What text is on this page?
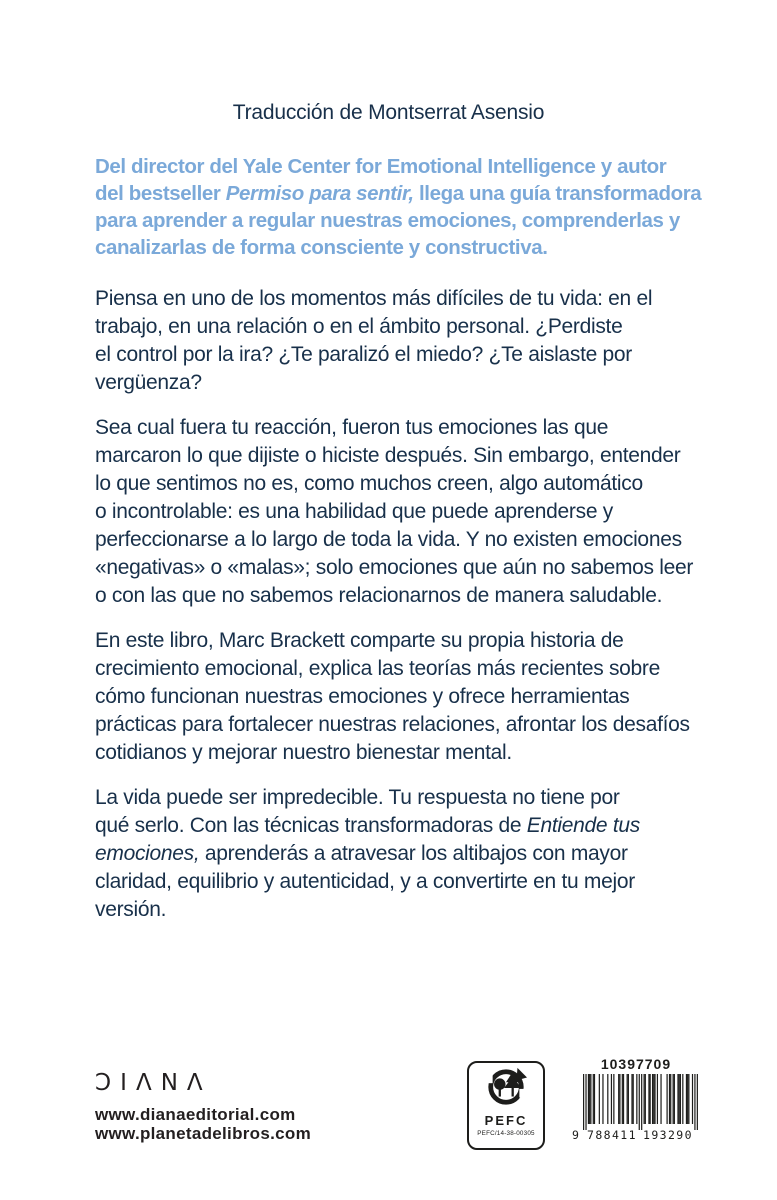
Traducción de Montserrat Asensio

Del director del Yale Center for Emotional Intelligence y autor
del bestseller Permiso para sentir, llega una guía transformadora
para aprender a regular nuestras emociones, comprenderlas y
canalizarlas de forma consciente y constructiva.

Piensa en uno de los momentos más difíciles de tu vida: en el
trabajo, en una relación o en el ámbito personal. ¿Perdiste
el control por la ira? ¿Te paralizó el miedo? ¿Te aislaste por
vergüenza?

Sea cual fuera tu reacción, fueron tus emociones las que
marcaron lo que dijiste o hiciste después. Sin embargo, entender
lo que sentimos no es, como muchos creen, algo automático
o incontrolable: es una habilidad que puede aprenderse y
perfeccionarse a lo largo de toda la vida. Y no existen emociones
«negativas» o «malas»; solo emociones que aún no sabemos leer
o con las que no sabemos relacionarnos de manera saludable.

En este libro, Marc Brackett comparte su propia historia de
crecimiento emocional, explica las teorías más recientes sobre
cómo funcionan nuestras emociones y ofrece herramientas
prácticas para fortalecer nuestras relaciones, afrontar los desafíos
cotidianos y mejorar nuestro bienestar mental.

La vida puede ser impredecible. Tu respuesta no tiene por
qué serlo. Con las técnicas transformadoras de Entiende tus
emociones, aprenderás a atravesar los altibajos con mayor
claridad, equilibrio y autenticidad, y a convertirte en tu mejor
versión.

ƆIΛNΛ
www.dianaeditorial.com
www.planetadelibros.com
PEFC
PEFC/14-38-00305
10397709
9 788411 193290
